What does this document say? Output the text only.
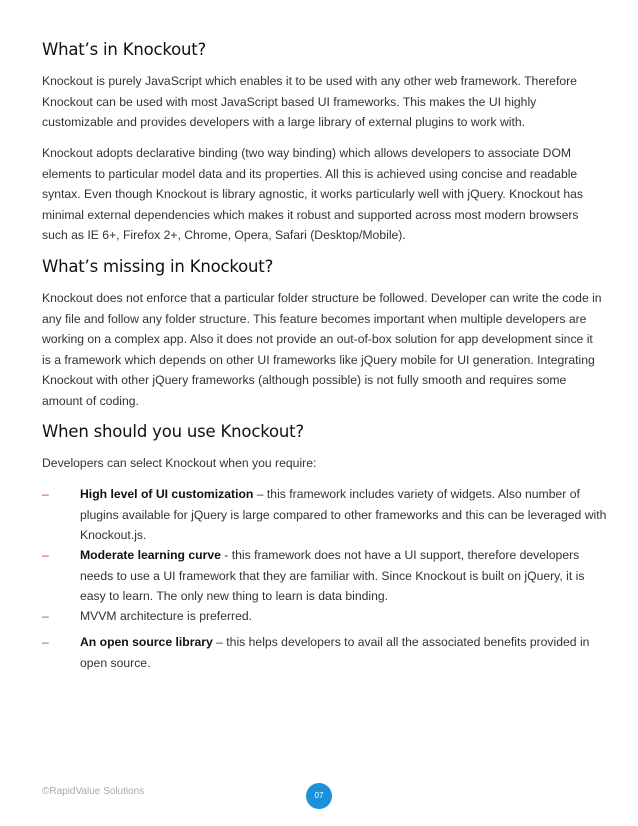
What’s in Knockout?

Knockout is purely JavaScript which enables it to be used with any other web framework. Therefore Knockout can be used with most JavaScript based UI frameworks. This makes the UI highly customizable and provides developers with a large library of external plugins to work with.

Knockout adopts declarative binding (two way binding) which allows developers to associate DOM elements to particular model data and its properties. All this is achieved using concise and readable syntax. Even though Knockout is library agnostic, it works particularly well with jQuery. Knockout has minimal external dependencies which makes it robust and supported across most modern browsers such as IE 6+, Firefox 2+, Chrome, Opera, Safari (Desktop/Mobile).

What’s missing in Knockout?

Knockout does not enforce that a particular folder structure be followed. Developer can write the code in any file and follow any folder structure. This feature becomes important when multiple developers are working on a complex app. Also it does not provide an out-of-box solution for app development since it is a framework which depends on other UI frameworks like jQuery mobile for UI generation. Integrating Knockout with other jQuery frameworks (although possible) is not fully smooth and requires some amount of coding.

When should you use Knockout?

Developers can select Knockout when you require:

–	High level of UI customization – this framework includes variety of widgets. Also number of plugins available for jQuery is large compared to other frameworks and this can be leveraged with Knockout.js.

–	Moderate learning curve - this framework does not have a UI support, therefore developers needs to use a UI framework that they are familiar with. Since Knockout is built on jQuery, it is easy to learn. The only new thing to learn is data binding.

–	MVVM architecture is preferred.

–	An open source library – this helps developers to avail all the associated benefits provided in open source.

©RapidValue Solutions	07
